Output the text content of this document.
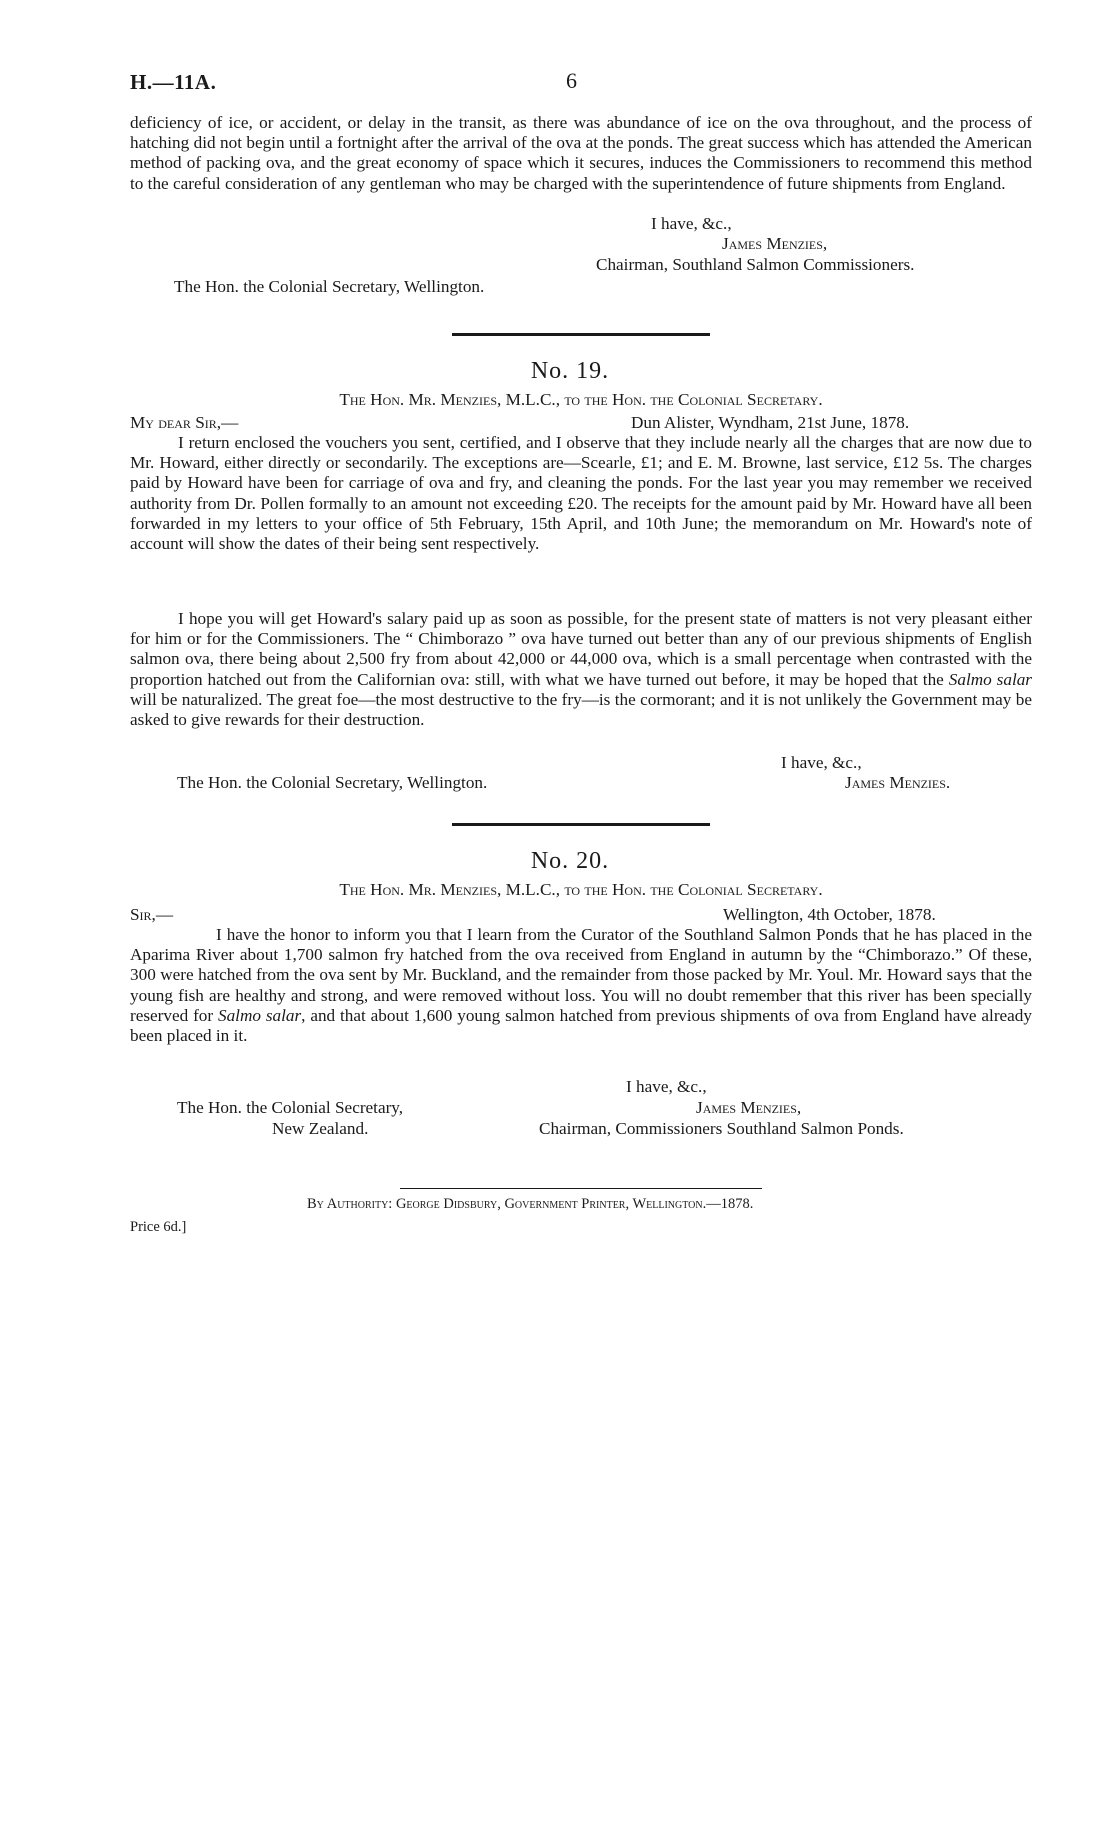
H.—11A.	6
deficiency of ice, or accident, or delay in the transit, as there was abundance of ice on the ova throughout, and the process of hatching did not begin until a fortnight after the arrival of the ova at the ponds. The great success which has attended the American method of packing ova, and the great economy of space which it secures, induces the Commissioners to recommend this method to the careful consideration of any gentleman who may be charged with the superintendence of future shipments from England.
I have, &c.,
James Menzies,
Chairman, Southland Salmon Commissioners.
The Hon. the Colonial Secretary, Wellington.
No. 19.
The Hon. Mr. Menzies, M.L.C., to the Hon. the Colonial Secretary.
My dear Sir,—	Dun Alister, Wyndham, 21st June, 1878.
I return enclosed the vouchers you sent, certified, and I observe that they include nearly all the charges that are now due to Mr. Howard, either directly or secondarily. The exceptions are—Scearle, £1; and E. M. Browne, last service, £12 5s. The charges paid by Howard have been for carriage of ova and fry, and cleaning the ponds. For the last year you may remember we received authority from Dr. Pollen formally to an amount not exceeding £20. The receipts for the amount paid by Mr. Howard have all been forwarded in my letters to your office of 5th February, 15th April, and 10th June; the memorandum on Mr. Howard's note of account will show the dates of their being sent respectively.
I hope you will get Howard's salary paid up as soon as possible, for the present state of matters is not very pleasant either for him or for the Commissioners. The “ Chimborazo ” ova have turned out better than any of our previous shipments of English salmon ova, there being about 2,500 fry from about 42,000 or 44,000 ova, which is a small percentage when contrasted with the proportion hatched out from the Californian ova: still, with what we have turned out before, it may be hoped that the Salmo salar will be naturalized. The great foe—the most destructive to the fry—is the cormorant; and it is not unlikely the Government may be asked to give rewards for their destruction.
I have, &c.,
The Hon. the Colonial Secretary, Wellington.	James Menzies.
No. 20.
The Hon. Mr. Menzies, M.L.C., to the Hon. the Colonial Secretary.
Sir,—	Wellington, 4th October, 1878.
I have the honor to inform you that I learn from the Curator of the Southland Salmon Ponds that he has placed in the Aparima River about 1,700 salmon fry hatched from the ova received from England in autumn by the “Chimborazo.” Of these, 300 were hatched from the ova sent by Mr. Buckland, and the remainder from those packed by Mr. Youl. Mr. Howard says that the young fish are healthy and strong, and were removed without loss. You will no doubt remember that this river has been specially reserved for Salmo salar, and that about 1,600 young salmon hatched from previous shipments of ova from England have already been placed in it.
I have, &c.,
The Hon. the Colonial Secretary,	James Menzies,
New Zealand.	Chairman, Commissioners Southland Salmon Ponds.
By Authority: George Didsbury, Government Printer, Wellington.—1878.
Price 6d.]
